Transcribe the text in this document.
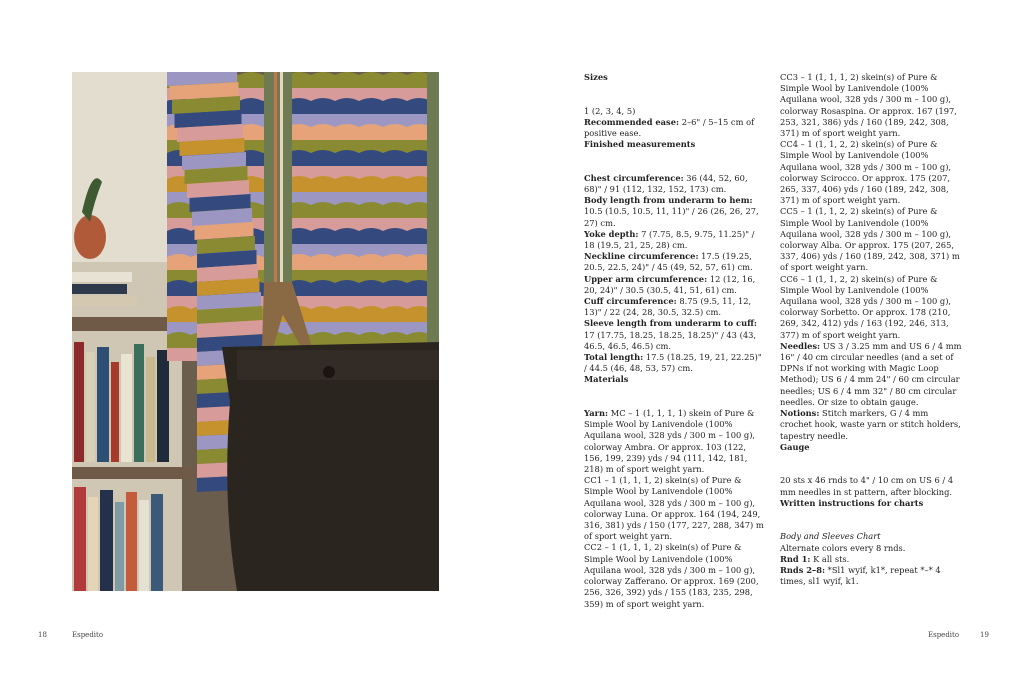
Sizes

1 (2, 3, 4, 5)

Recommended ease: 2–6" / 5–15 cm of positive ease.

Finished measurements

Chest circumference: 36 (44, 52, 60, 68)" / 91 (112, 132, 152, 173) cm.

Body length from underarm to hem: 10.5 (10.5, 10.5, 11, 11)" / 26 (26, 26, 27, 27) cm.

Yoke depth: 7 (7.75, 8.5, 9.75, 11.25)" / 18 (19.5, 21, 25, 28) cm.

Neckline circumference: 17.5 (19.25, 20.5, 22.5, 24)" / 45 (49, 52, 57, 61) cm.

Upper arm circumference: 12 (12, 16, 20, 24)" / 30.5 (30.5, 41, 51, 61) cm.

Cuff circumference: 8.75 (9.5, 11, 12, 13)" / 22 (24, 28, 30.5, 32.5) cm.

Sleeve length from underarm to cuff: 17 (17.75, 18.25, 18.25, 18.25)" / 43 (43, 46.5, 46.5, 46.5) cm.

Total length: 17.5 (18.25, 19, 21, 22.25)" / 44.5 (46, 48, 53, 57) cm.

Materials

Yarn: MC – 1 (1, 1, 1, 1) skein of Pure & Simple Wool by Lanivendole (100% Aquilana wool, 328 yds / 300 m – 100 g), colorway Ambra. Or approx. 103 (122, 156, 199, 239) yds / 94 (111, 142, 181, 218) m of sport weight yarn.

CC1 – 1 (1, 1, 1, 2) skein(s) of Pure & Simple Wool by Lanivendole (100% Aquilana wool, 328 yds / 300 m – 100 g), colorway Luna. Or approx. 164 (194, 249, 316, 381) yds / 150 (177, 227, 288, 347) m of sport weight yarn.

CC2 – 1 (1, 1, 1, 2) skein(s) of Pure & Simple Wool by Lanivendole (100% Aquilana wool, 328 yds / 300 m – 100 g), colorway Zafferano. Or approx. 169 (200, 256, 326, 392) yds / 155 (183, 235, 298, 359) m of sport weight yarn.

CC3 – 1 (1, 1, 1, 2) skein(s) of Pure & Simple Wool by Lanivendole (100% Aquilana wool, 328 yds / 300 m – 100 g), colorway Rosaspina. Or approx. 167 (197, 253, 321, 386) yds / 160 (189, 242, 308, 371) m of sport weight yarn.

CC4 – 1 (1, 1, 2, 2) skein(s) of Pure & Simple Wool by Lanivendole (100% Aquilana wool, 328 yds / 300 m – 100 g), colorway Scirocco. Or approx. 175 (207, 265, 337, 406) yds / 160 (189, 242, 308, 371) m of sport weight yarn.

CC5 – 1 (1, 1, 2, 2) skein(s) of Pure & Simple Wool by Lanivendole (100% Aquilana wool, 328 yds / 300 m – 100 g), colorway Alba. Or approx. 175 (207, 265, 337, 406) yds / 160 (189, 242, 308, 371) m of sport weight yarn.

CC6 – 1 (1, 1, 2, 2) skein(s) of Pure & Simple Wool by Lanivendole (100% Aquilana wool, 328 yds / 300 m – 100 g), colorway Sorbetto. Or approx. 178 (210, 269, 342, 412) yds / 163 (192, 246, 313, 377) m of sport weight yarn.

Needles: US 3 / 3.25 mm and US 6 / 4 mm 16" / 40 cm circular needles (and a set of DPNs if not working with Magic Loop Method); US 6 / 4 mm 24" / 60 cm circular needles; US 6 / 4 mm 32" / 80 cm circular needles. Or size to obtain gauge.

Notions: Stitch markers, G / 4 mm crochet hook, waste yarn or stitch holders, tapestry needle.

Gauge

20 sts x 46 rnds to 4" / 10 cm on US 6 / 4 mm needles in st pattern, after blocking.

Written instructions for charts

Body and Sleeves Chart

Alternate colors every 8 rnds.

Rnd 1: K all sts.

Rnds 2–8: *Sl1 wyif, k1*, repeat *–* 4 times, sl1 wyif, k1.

18	Espedito	Espedito	19
